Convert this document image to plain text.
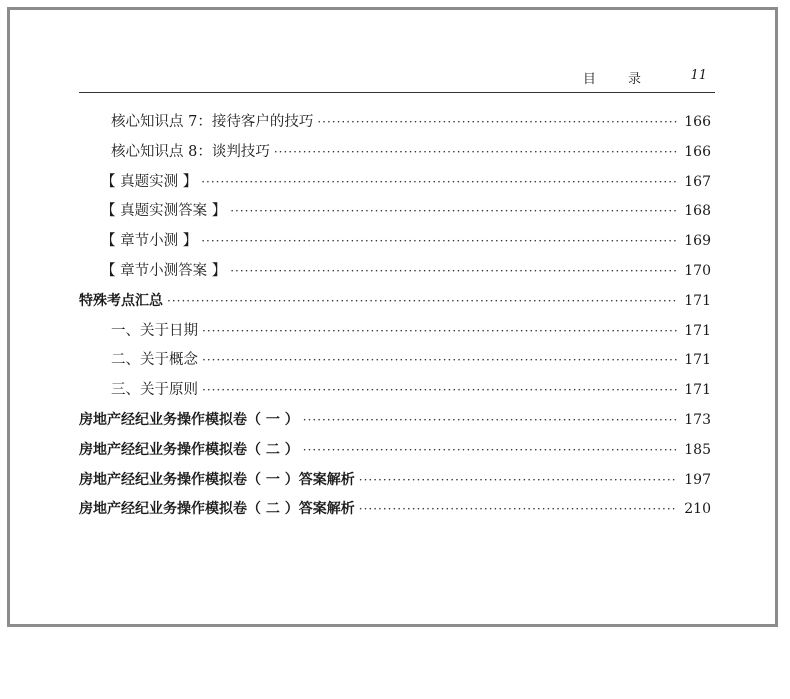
目 录	11
核心知识点 7：接待客户的技巧 ·····	166
核心知识点 8：谈判技巧 ·····	166
【 真题实测 】 ·····	167
【 真题实测答案 】 ·····	168
【 章节小测 】 ·····	169
【 章节小测答案 】 ·····	170
特殊考点汇总 ·····	171
一、关于日期 ·····	171
二、关于概念 ·····	171
三、关于原则 ·····	171
房地产经纪业务操作模拟卷（ 一 ） ·····	173
房地产经纪业务操作模拟卷（ 二 ） ·····	185
房地产经纪业务操作模拟卷（ 一 ）答案解析 ·····	197
房地产经纪业务操作模拟卷（ 二 ）答案解析 ·····	210
